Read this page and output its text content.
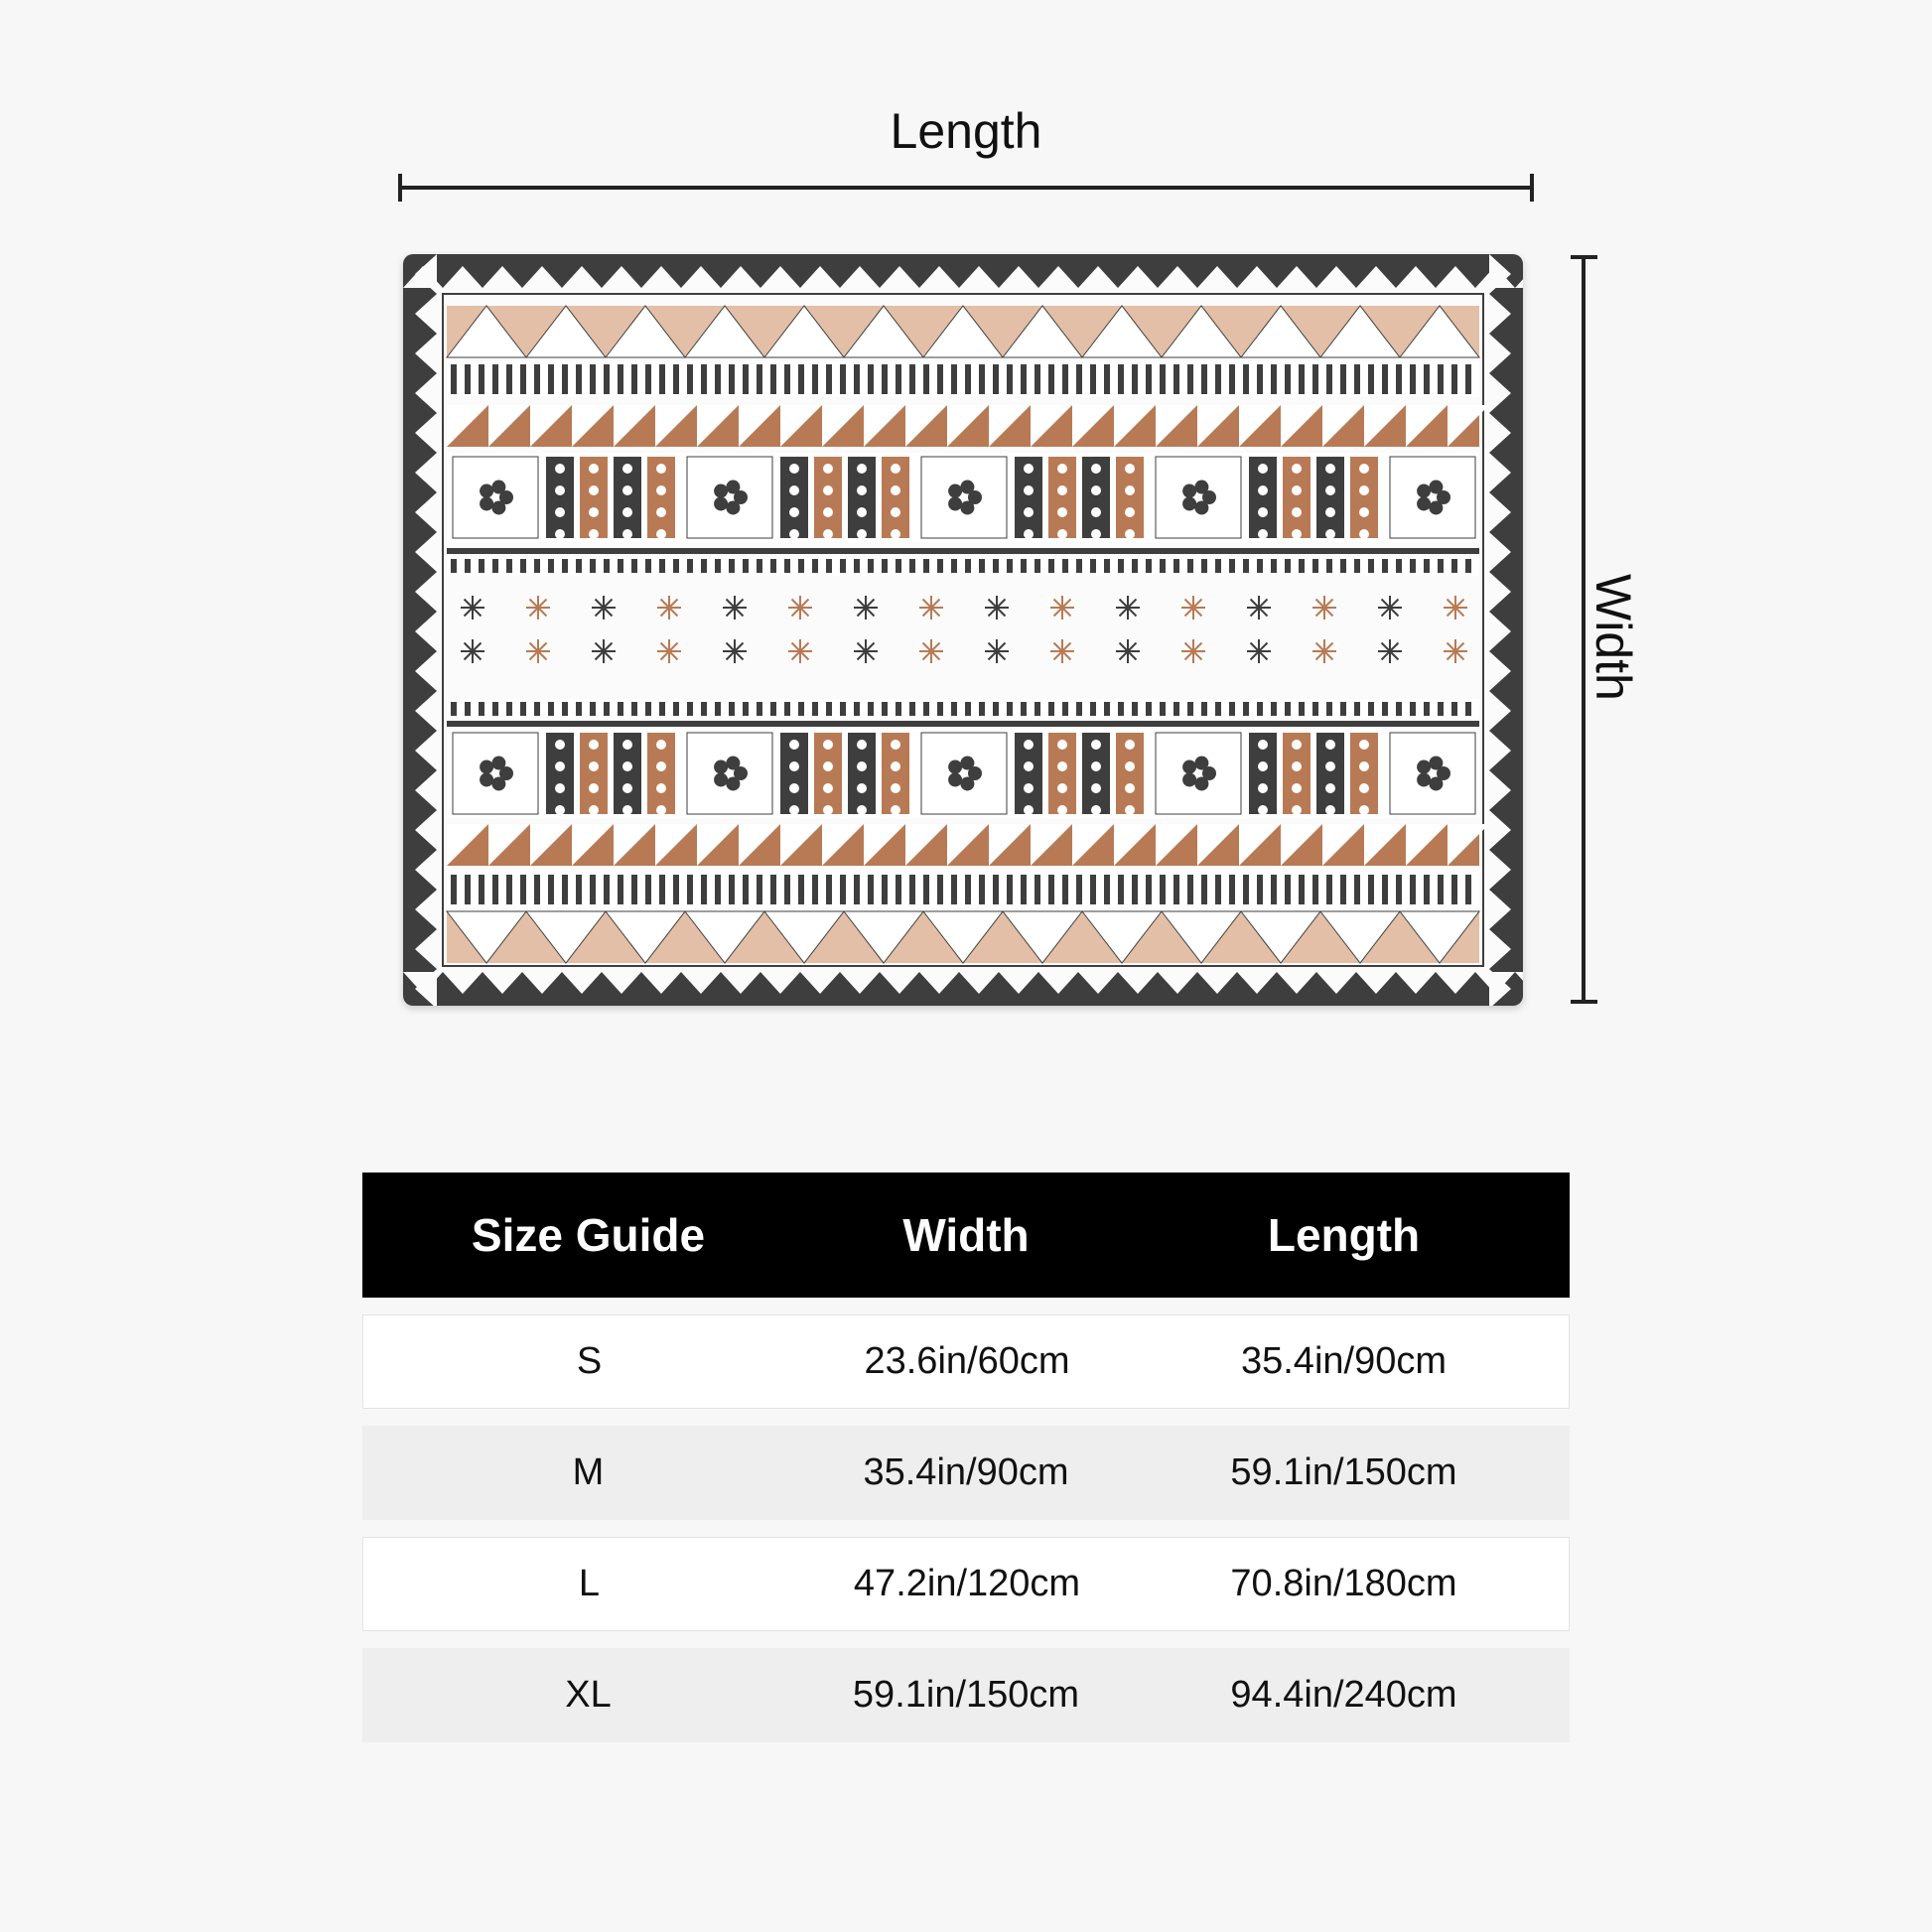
Length
Width
Size Guide	Width	Length
S	23.6in/60cm	35.4in/90cm
M	35.4in/90cm	59.1in/150cm
L	47.2in/120cm	70.8in/180cm
XL	59.1in/150cm	94.4in/240cm
